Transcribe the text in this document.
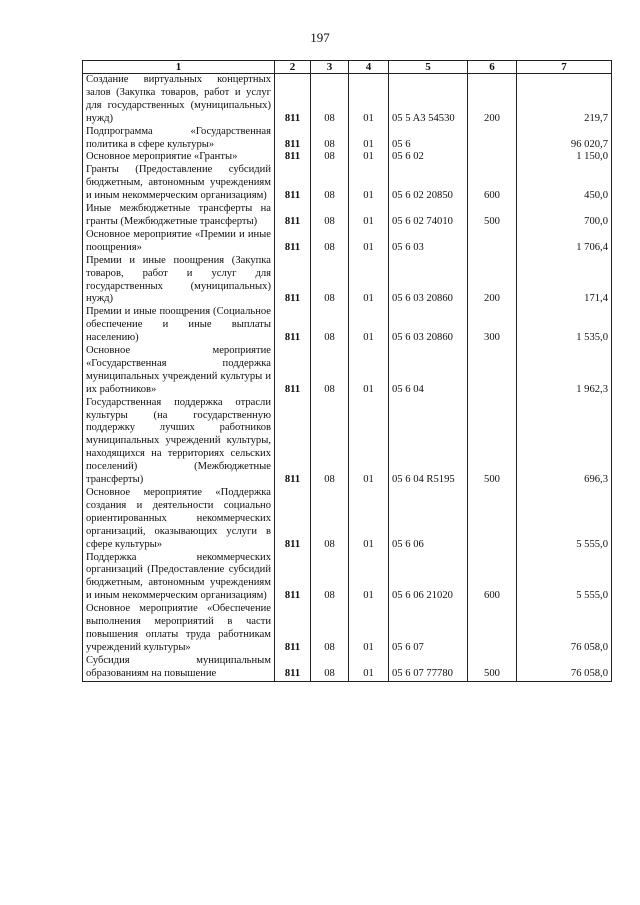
197
1	2	3	4	5	6	7
Создание виртуальных концертных залов (Закупка товаров, работ и услуг для государственных (муниципальных) нужд)	811	08	01	05 5 A3 54530	200	219,7
Подпрограмма «Государственная политика в сфере культуры»	811	08	01	05 6		96 020,7
Основное мероприятие «Гранты»	811	08	01	05 6 02		1 150,0
Гранты (Предоставление субсидий бюджетным, автономным учреждениям и иным некоммерческим организациям)	811	08	01	05 6 02 20850	600	450,0
Иные межбюджетные трансферты на гранты (Межбюджетные трансферты)	811	08	01	05 6 02 74010	500	700,0
Основное мероприятие «Премии и иные поощрения»	811	08	01	05 6 03		1 706,4
Премии и иные поощрения (Закупка товаров, работ и услуг для государственных (муниципальных) нужд)	811	08	01	05 6 03 20860	200	171,4
Премии и иные поощрения (Социальное обеспечение и иные выплаты населению)	811	08	01	05 6 03 20860	300	1 535,0
Основное мероприятие «Государственная поддержка муниципальных учреждений культуры и их работников»	811	08	01	05 6 04		1 962,3
Государственная поддержка отрасли культуры (на государственную поддержку лучших работников муниципальных учреждений культуры, находящихся на территориях сельских поселений) (Межбюджетные трансферты)	811	08	01	05 6 04 R5195	500	696,3
Основное мероприятие «Поддержка создания и деятельности социально ориентированных некоммерческих организаций, оказывающих услуги в сфере культуры»	811	08	01	05 6 06		5 555,0
Поддержка некоммерческих организаций (Предоставление субсидий бюджетным, автономным учреждениям и иным некоммерческим организациям)	811	08	01	05 6 06 21020	600	5 555,0
Основное мероприятие «Обеспечение выполнения мероприятий в части повышения оплаты труда работникам учреждений культуры»	811	08	01	05 6 07		76 058,0
Субсидия муниципальным образованиям на повышение	811	08	01	05 6 07 77780	500	76 058,0
